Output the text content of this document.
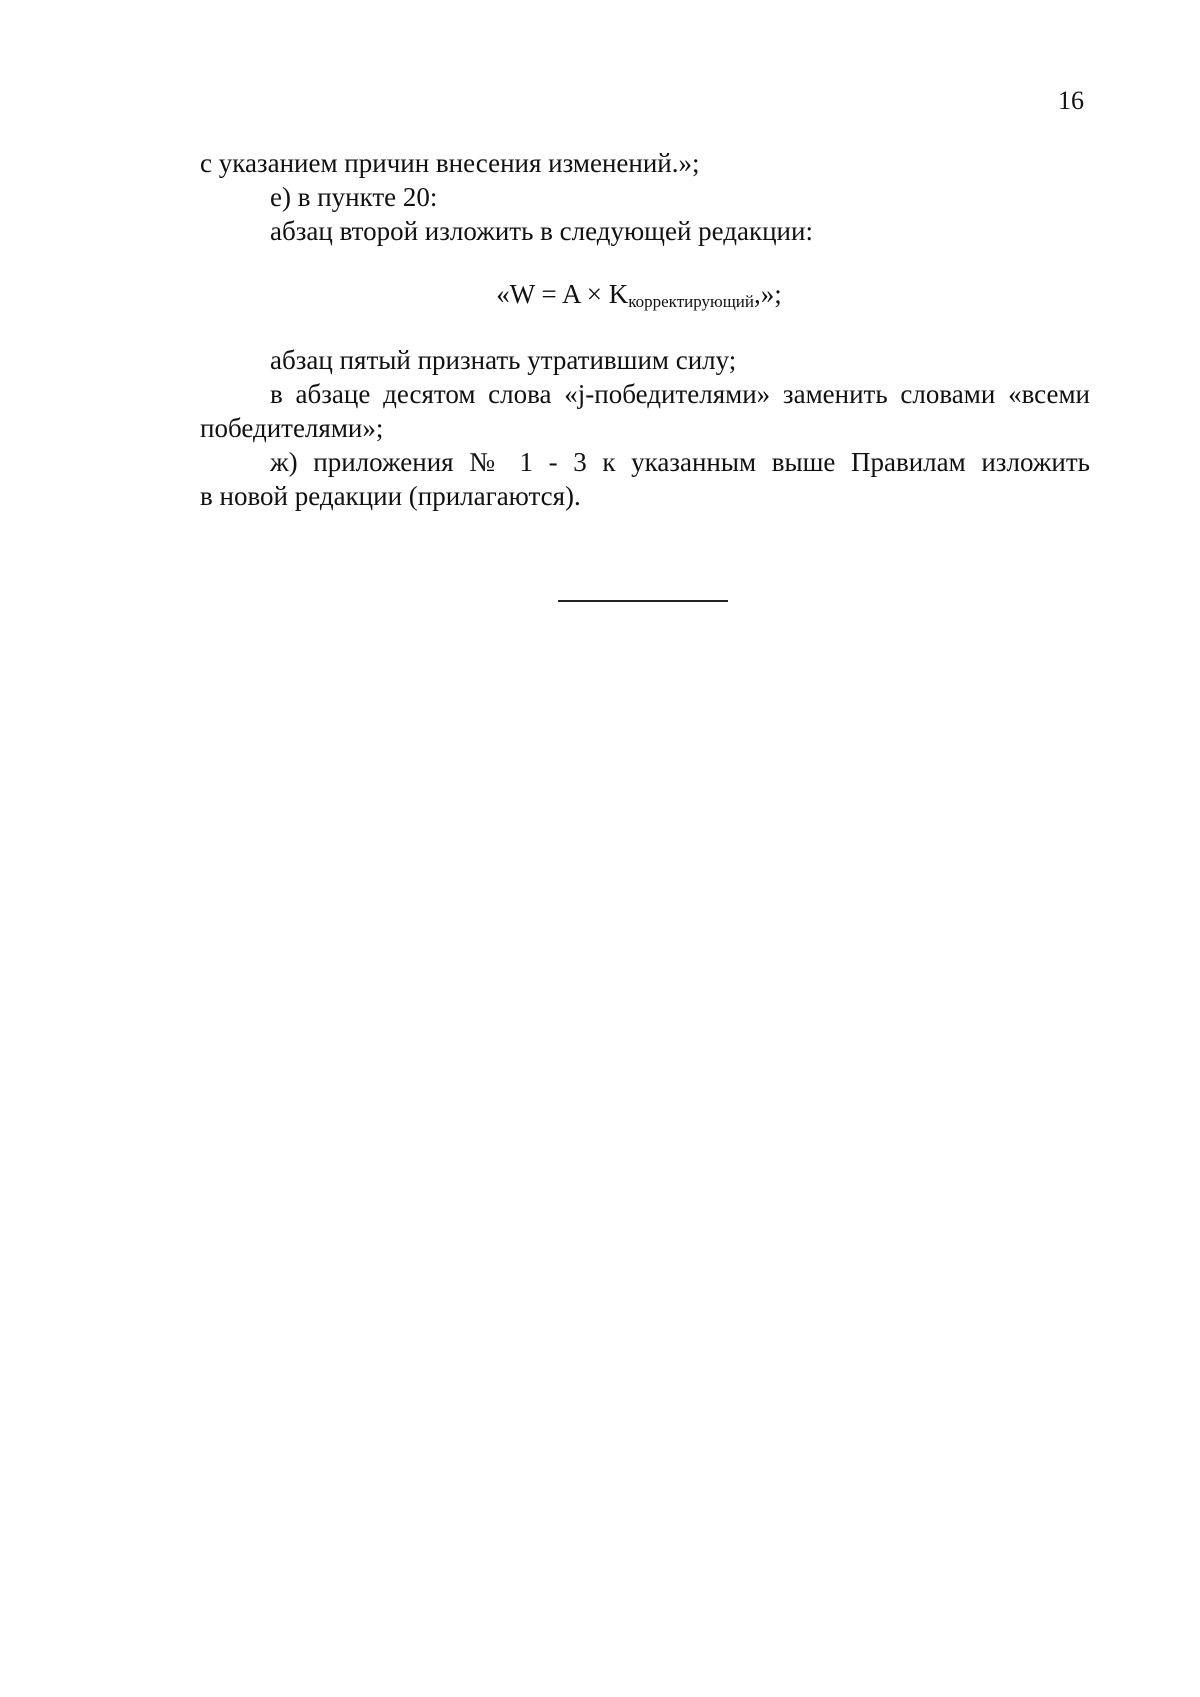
16
с указанием причин внесения изменений.»;
е) в пункте 20:
абзац второй изложить в следующей редакции:
«$W = A \times K_{корректирующий}$,»;
абзац пятый признать утратившим силу;
в абзаце десятом слова «j-победителями» заменить словами «всеми
победителями»;
ж) приложения № 1 - 3 к указанным выше Правилам изложить
в новой редакции (прилагаются).
